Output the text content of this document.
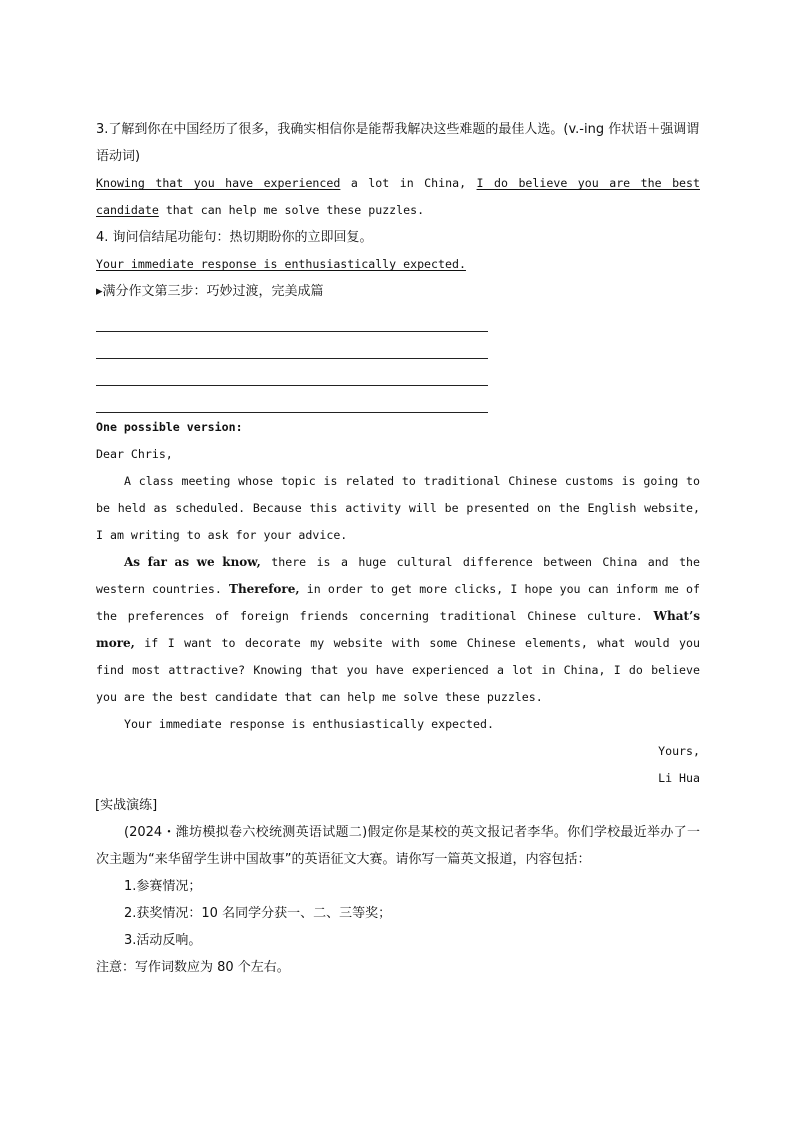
3.了解到你在中国经历了很多，我确实相信你是能帮我解决这些难题的最佳人选。(v.-ing 作状语＋强调谓语动词)

Knowing that you have experienced a lot in China, I do believe you are the best candidate that can help me solve these puzzles.

4. 询问信结尾功能句：热切期盼你的立即回复。

Your immediate response is enthusiastically expected.

▸满分作文第三步：巧妙过渡，完美成篇

One possible version:

Dear Chris,

A class meeting whose topic is related to traditional Chinese customs is going to be held as scheduled. Because this activity will be presented on the English website, I am writing to ask for your advice.

As far as we know, there is a huge cultural difference between China and the western countries. Therefore, in order to get more clicks, I hope you can inform me of the preferences of foreign friends concerning traditional Chinese culture. What’s more, if I want to decorate my website with some Chinese elements, what would you find most attractive? Knowing that you have experienced a lot in China, I do believe you are the best candidate that can help me solve these puzzles.

Your immediate response is enthusiastically expected.

Yours,

Li Hua

[实战演练]

(2024・潍坊模拟卷六校统测英语试题二)假定你是某校的英文报记者李华。你们学校最近举办了一次主题为“来华留学生讲中国故事”的英语征文大赛。请你写一篇英文报道，内容包括：

1.参赛情况；

2.获奖情况：10 名同学分获一、二、三等奖；

3.活动反响。

注意：写作词数应为 80 个左右。
